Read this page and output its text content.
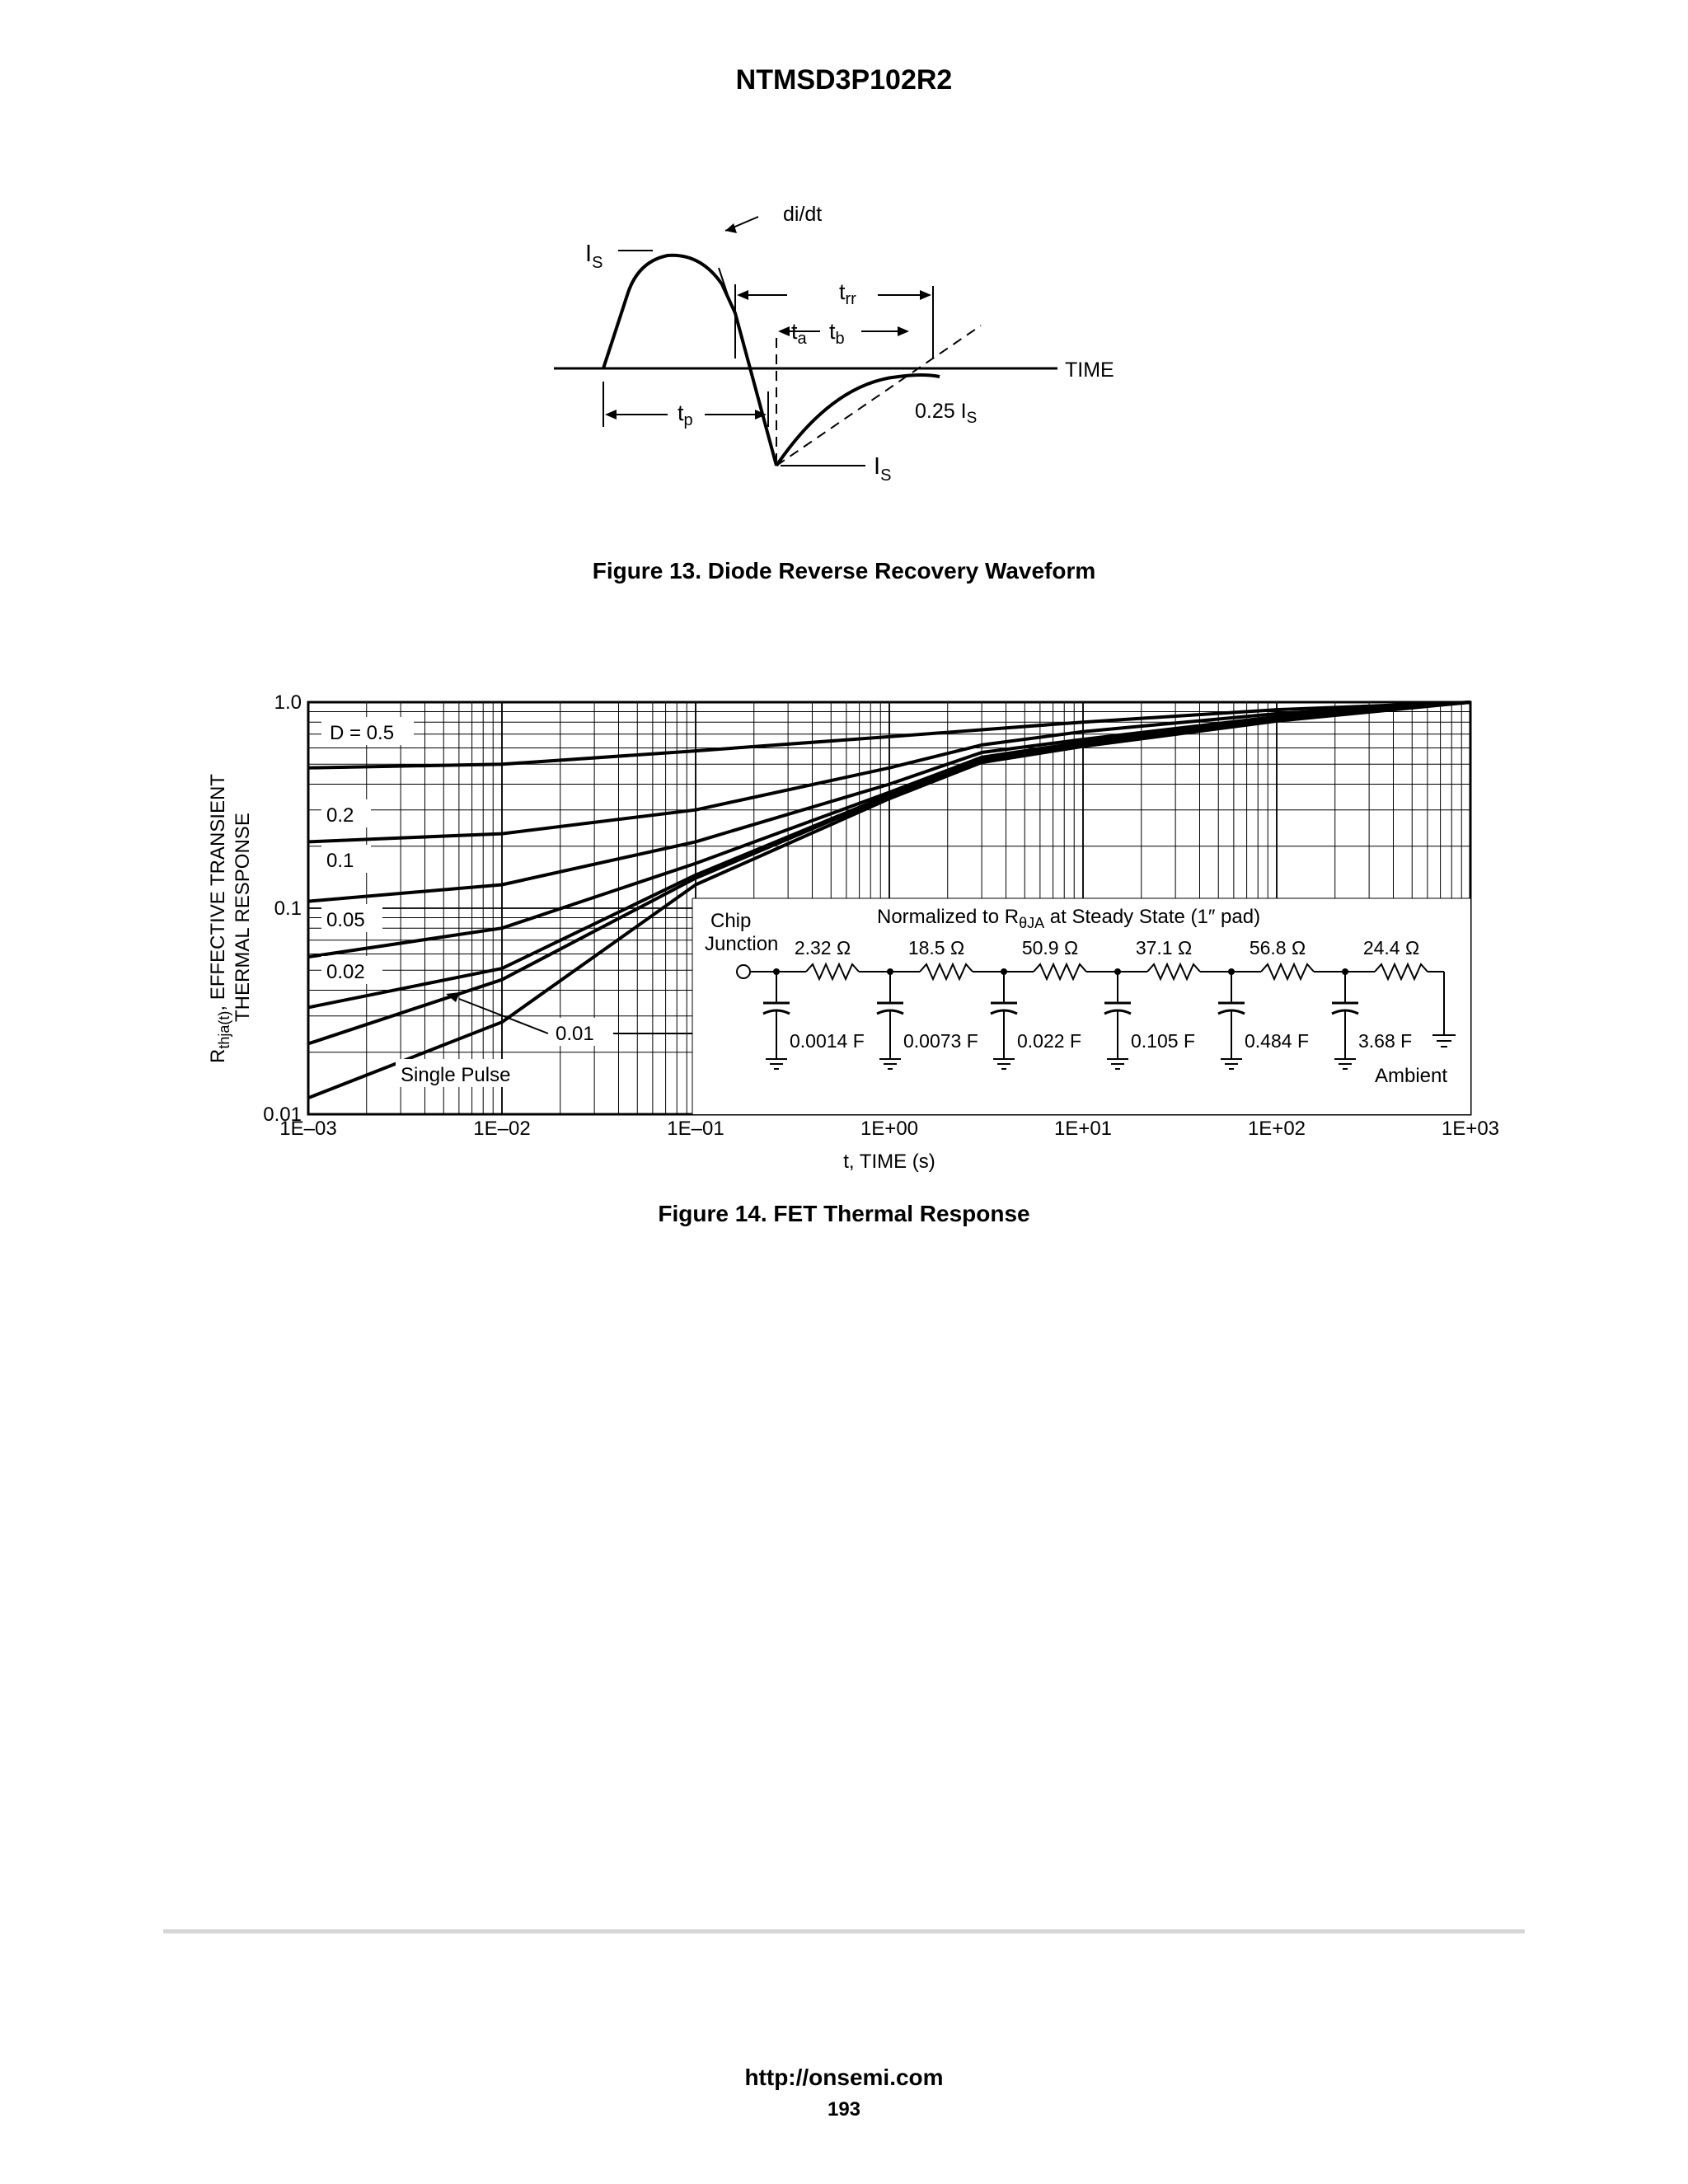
NTMSD3P102R2
di/dt
$I_S$
$t_{rr}$
$t_a$ $t_b$
TIME
$t_p$	0.25 $I_S$
$I_S$
Figure 13. Diode Reverse Recovery Waveform
D = 0.5
0.2
0.1
0.05
0.02
0.01
Single Pulse
Chip
Junction
Normalized to $R_{\theta JA}$ at Steady State (1″ pad)
2.32 Ω
0.0014 F
18.5 Ω
0.0073 F
50.9 Ω
0.022 F
37.1 Ω
0.105 F
56.8 Ω
0.484 F
24.4 Ω
3.68 F
Ambient
1E–03	1E–02	1E–01	1E+00	1E+01	1E+02	1E+03
0.01
0.1
1.0
t, TIME (s)
$R_{thja(t)}$, EFFECTIVE TRANSIENT THERMAL RESPONSE
Figure 14. FET Thermal Response
http://onsemi.com
193
